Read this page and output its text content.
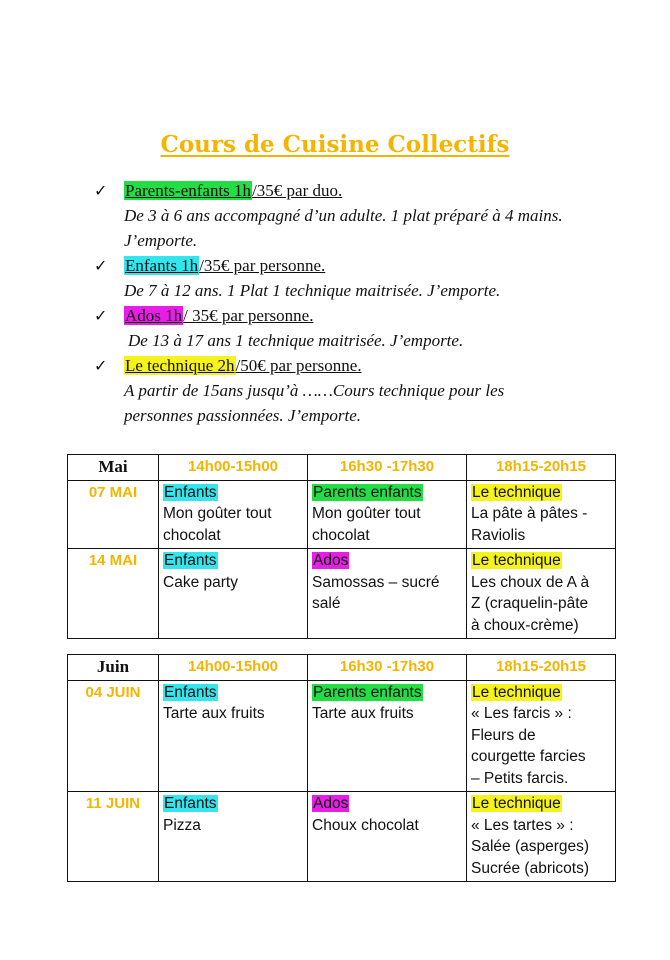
Cours de Cuisine Collectifs
✓ Parents-enfants 1h/35€ par duo.
De 3 à 6 ans accompagné d’un adulte. 1 plat préparé à 4 mains.
J’emporte.
✓ Enfants 1h/35€ par personne.
De 7 à 12 ans. 1 Plat 1 technique maitrisée. J’emporte.
✓ Ados 1h/ 35€ par personne.
De 13 à 17 ans 1 technique maitrisée. J’emporte.
✓ Le technique 2h/50€ par personne.
A partir de 15ans jusqu’à ……Cours technique pour les
personnes passionnées. J’emporte.
Mai	14h00-15h00	16h30 -17h30	18h15-20h15
07 MAI	Enfants
Mon goûter tout
chocolat	Parents enfants
Mon goûter tout
chocolat	Le technique
La pâte à pâtes -
Raviolis
14 MAI	Enfants
Cake party	Ados
Samossas – sucré
salé	Le technique
Les choux de A à
Z (craquelin-pâte
à choux-crème)
Juin	14h00-15h00	16h30 -17h30	18h15-20h15
04 JUIN	Enfants
Tarte aux fruits	Parents enfants
Tarte aux fruits	Le technique
« Les farcis » :
Fleurs de
courgette farcies
– Petits farcis.
11 JUIN	Enfants
Pizza	Ados
Choux chocolat	Le technique
« Les tartes » :
Salée (asperges)
Sucrée (abricots)
